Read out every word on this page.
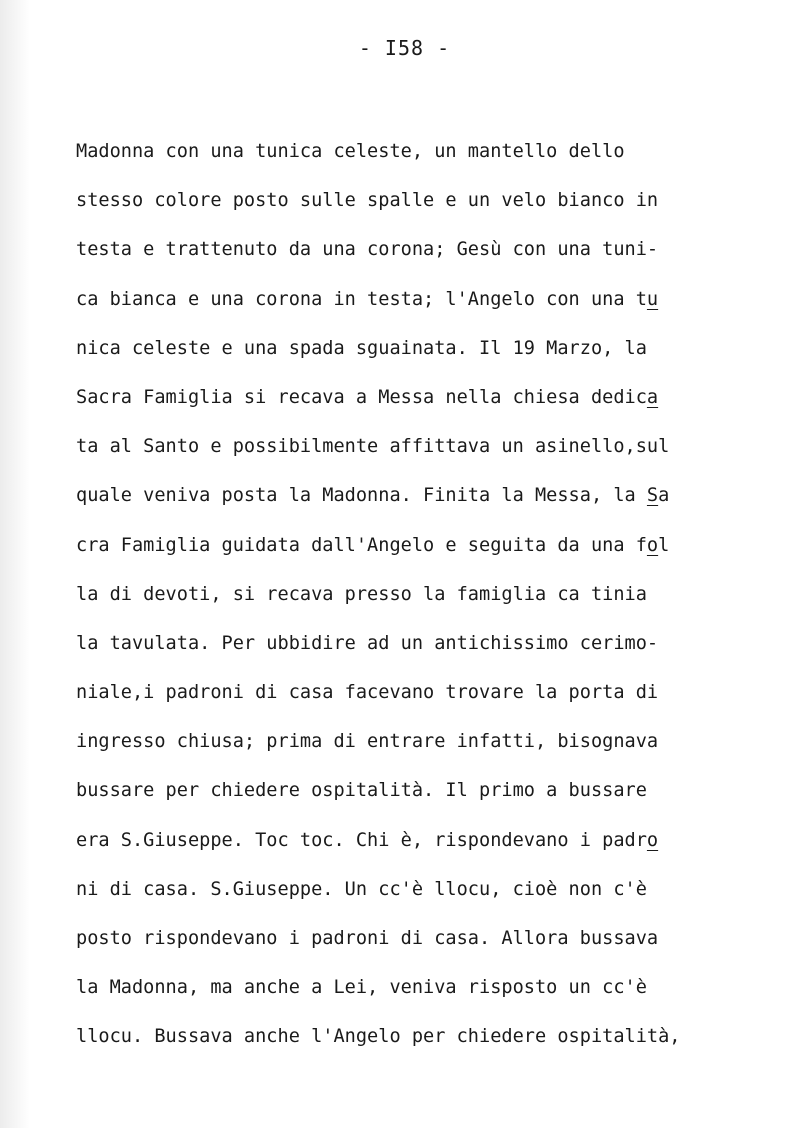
- I58 -
Madonna con una tunica celeste, un mantello dello
stesso colore posto sulle spalle e un velo bianco in
testa e trattenuto da una corona; Gesù con una tuni-
ca bianca e una corona in testa; l'Angelo con una tu
nica celeste e una spada sguainata. Il 19 Marzo, la
Sacra Famiglia si recava a Messa nella chiesa dedica
ta al Santo e possibilmente affittava un asinello,sul
quale veniva posta la Madonna. Finita la Messa, la Sa
cra Famiglia guidata dall'Angelo e seguita da una fol
la di devoti, si recava presso la famiglia ca tinia
la tavulata. Per ubbidire ad un antichissimo cerimo-
niale,i padroni di casa facevano trovare la porta di
ingresso chiusa; prima di entrare infatti, bisognava
bussare per chiedere ospitalità. Il primo a bussare
era S.Giuseppe. Toc toc. Chi è, rispondevano i padro
ni di casa. S.Giuseppe. Un cc'è llocu, cioè non c'è
posto rispondevano i padroni di casa. Allora bussava
la Madonna, ma anche a Lei, veniva risposto un cc'è
llocu. Bussava anche l'Angelo per chiedere ospitalità,
